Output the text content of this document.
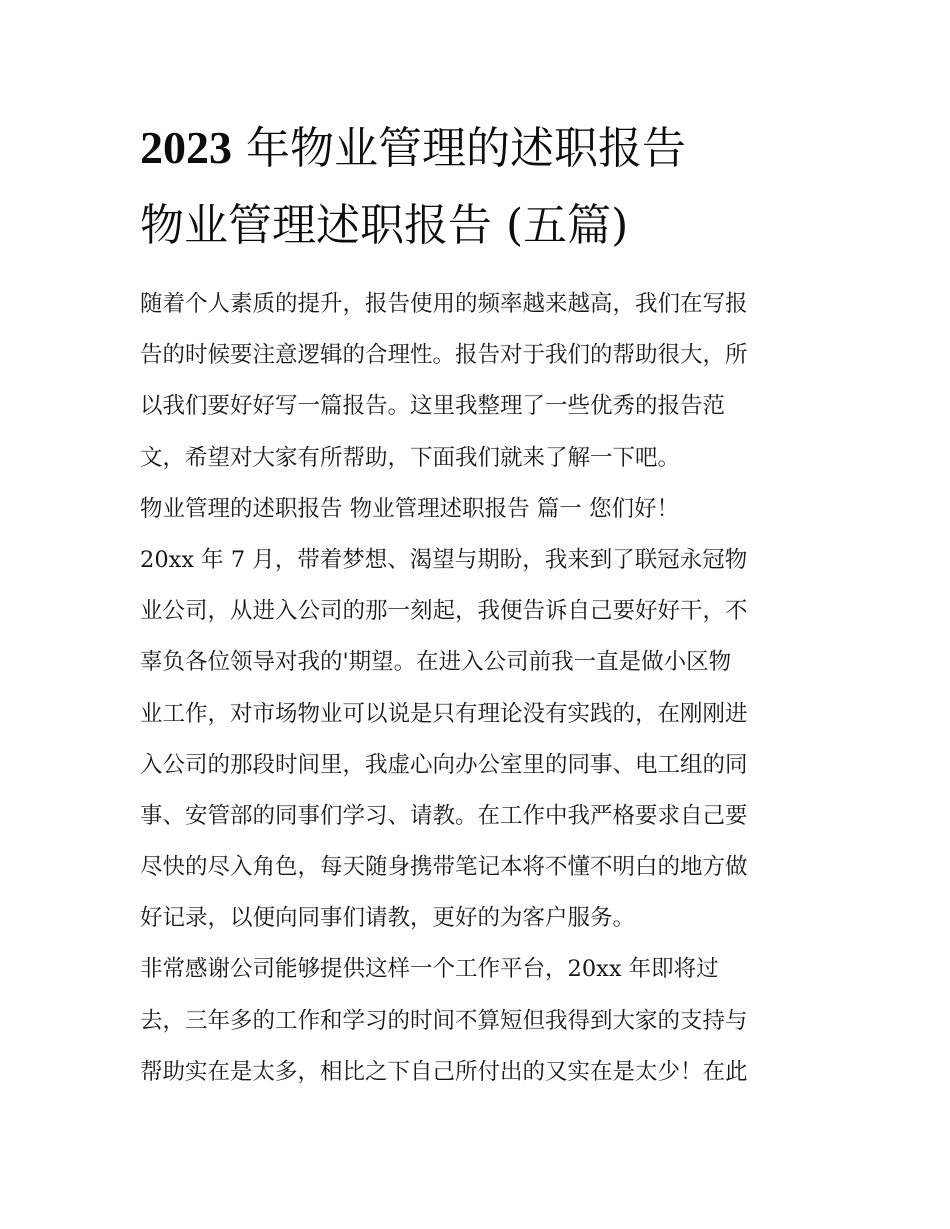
2023 年物业管理的述职报告
物业管理述职报告 (五篇)
随着个人素质的提升，报告使用的频率越来越高，我们在写报
告的时候要注意逻辑的合理性。报告对于我们的帮助很大，所
以我们要好好写一篇报告。这里我整理了一些优秀的报告范
文，希望对大家有所帮助，下面我们就来了解一下吧。
物业管理的述职报告 物业管理述职报告 篇一 您们好！
20xx 年 7 月，带着梦想、渴望与期盼，我来到了联冠永冠物
业公司，从进入公司的那一刻起，我便告诉自己要好好干，不
辜负各位领导对我的'期望。在进入公司前我一直是做小区物
业工作，对市场物业可以说是只有理论没有实践的，在刚刚进
入公司的那段时间里，我虚心向办公室里的同事、电工组的同
事、安管部的同事们学习、请教。在工作中我严格要求自己要
尽快的尽入角色，每天随身携带笔记本将不懂不明白的地方做
好记录，以便向同事们请教，更好的为客户服务。
非常感谢公司能够提供这样一个工作平台，20xx 年即将过
去，三年多的工作和学习的时间不算短但我得到大家的支持与
帮助实在是太多，相比之下自己所付出的又实在是太少！在此
